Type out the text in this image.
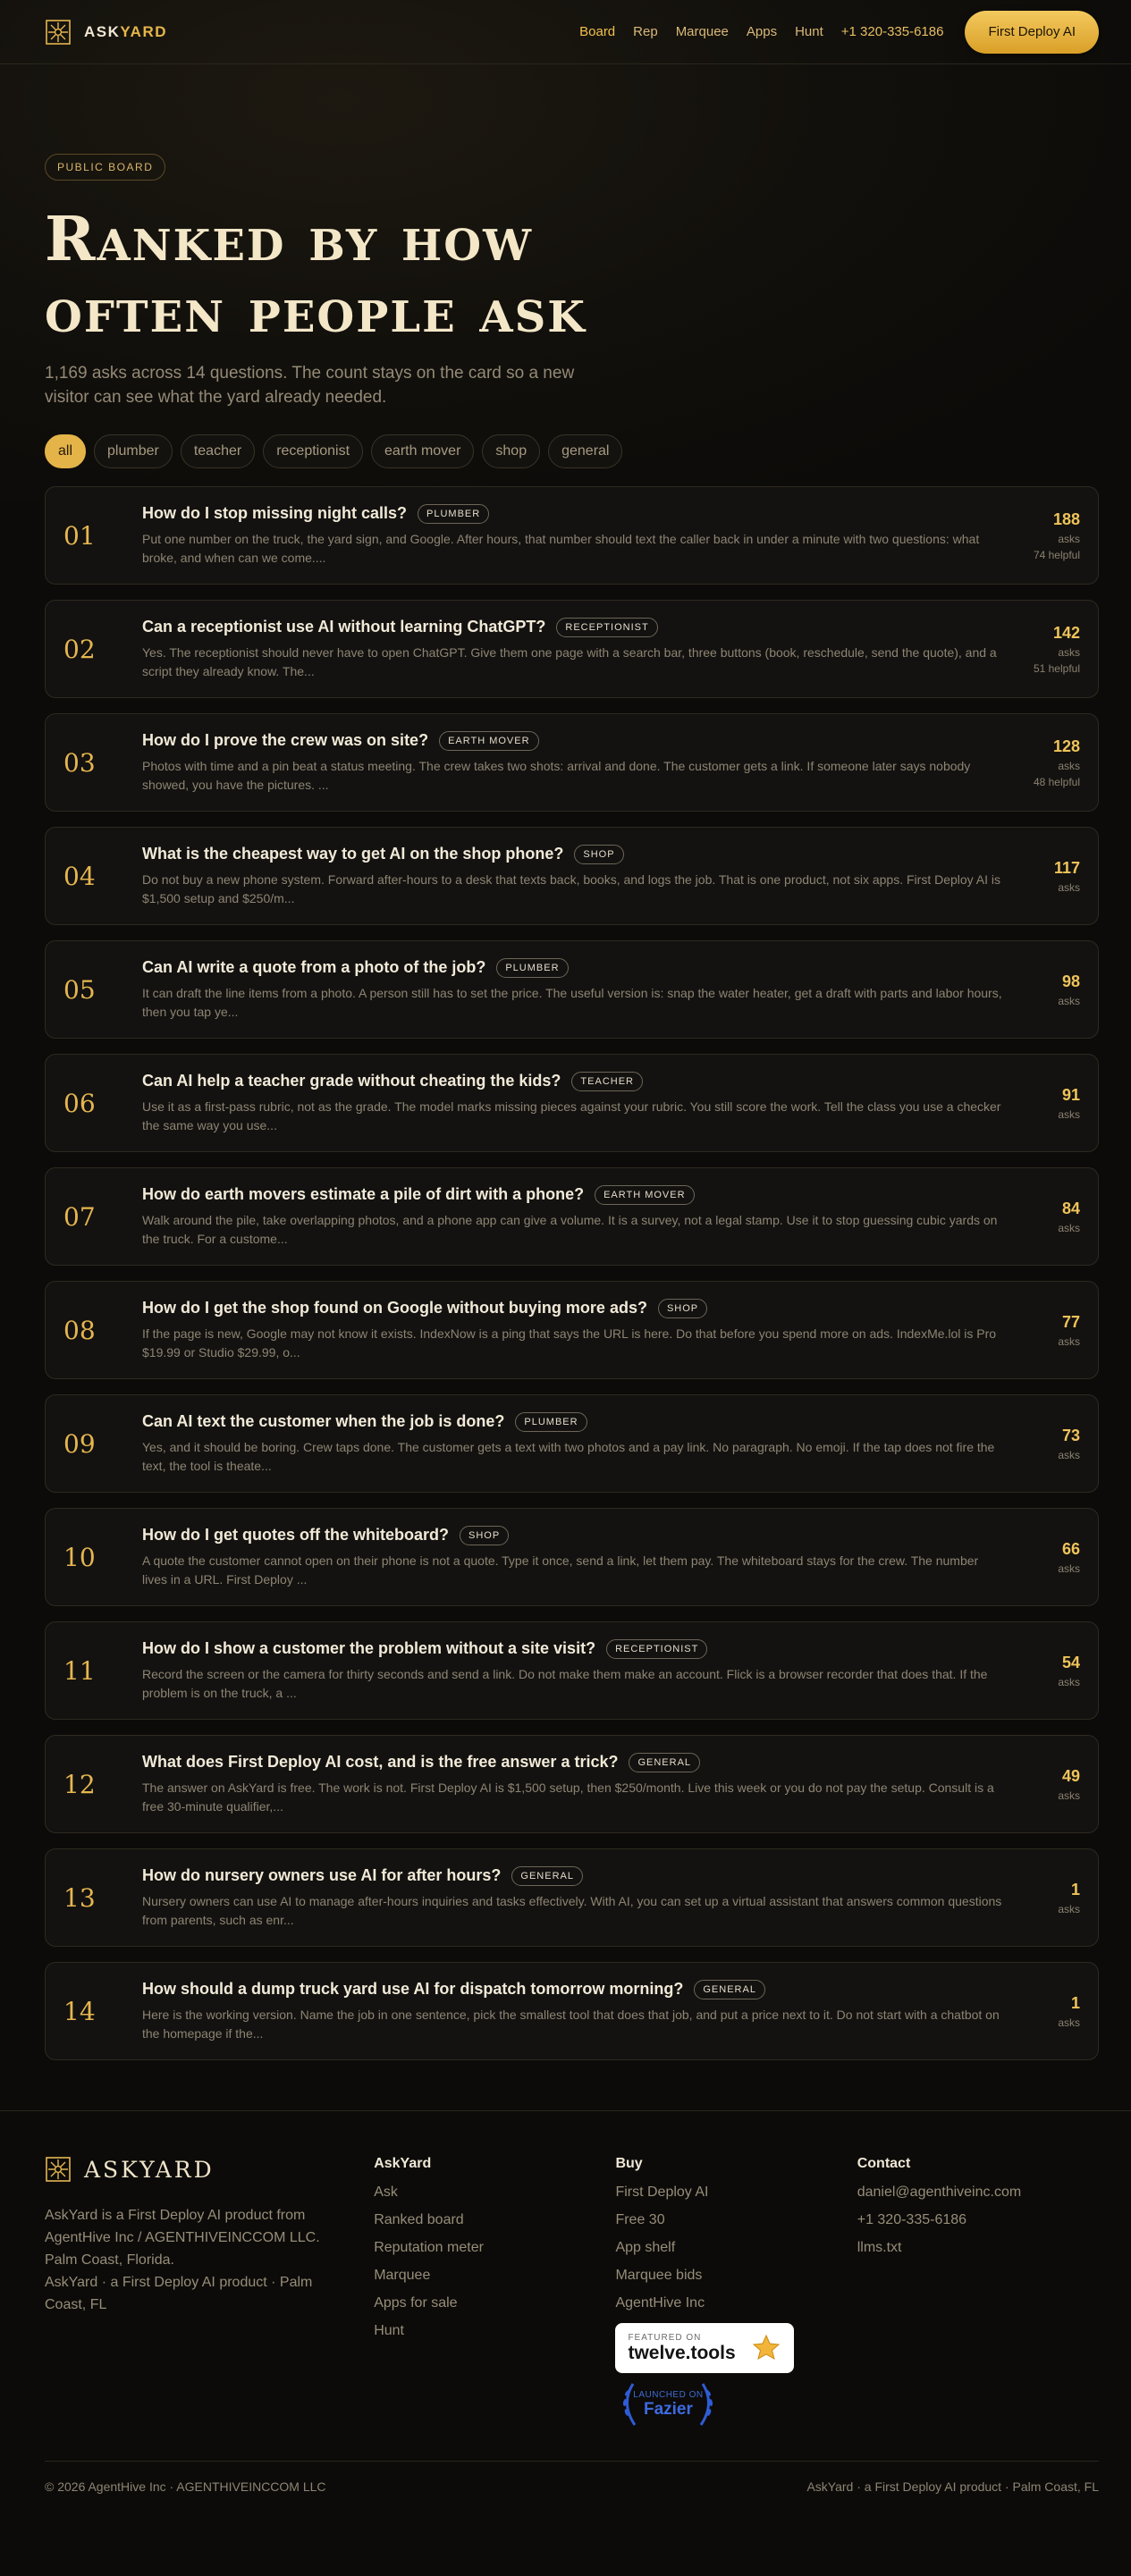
ASKYARD	Board Rep Marquee Apps Hunt +1 320-335-6186	First Deploy AI
PUBLIC BOARD
Ranked by how often people ask

1,169 asks across 14 questions. The count stays on the card so a new visitor can see what the yard already needed.

all	plumber	teacher	receptionist	earth mover	shop	general
01
How do I stop missing night calls?	PLUMBER
Put one number on the truck, the yard sign, and Google. After hours, that number should text the caller back in under a minute with two questions: what broke, and when can we come....
188
asks
74 helpful
02
Can a receptionist use AI without learning ChatGPT?	RECEPTIONIST
Yes. The receptionist should never have to open ChatGPT. Give them one page with a search bar, three buttons (book, reschedule, send the quote), and a script they already know. The...
142
asks
51 helpful
03
How do I prove the crew was on site?	EARTH MOVER
Photos with time and a pin beat a status meeting. The crew takes two shots: arrival and done. The customer gets a link. If someone later says nobody showed, you have the pictures. ...
128
asks
48 helpful
04
What is the cheapest way to get AI on the shop phone?	SHOP
Do not buy a new phone system. Forward after-hours to a desk that texts back, books, and logs the job. That is one product, not six apps. First Deploy AI is $1,500 setup and $250/m...
117
asks
05
Can AI write a quote from a photo of the job?	PLUMBER
It can draft the line items from a photo. A person still has to set the price. The useful version is: snap the water heater, get a draft with parts and labor hours, then you tap ye...
98
asks
06
Can AI help a teacher grade without cheating the kids?	TEACHER
Use it as a first-pass rubric, not as the grade. The model marks missing pieces against your rubric. You still score the work. Tell the class you use a checker the same way you use...
91
asks
07
How do earth movers estimate a pile of dirt with a phone?	EARTH MOVER
Walk around the pile, take overlapping photos, and a phone app can give a volume. It is a survey, not a legal stamp. Use it to stop guessing cubic yards on the truck. For a custome...
84
asks
08
How do I get the shop found on Google without buying more ads?	SHOP
If the page is new, Google may not know it exists. IndexNow is a ping that says the URL is here. Do that before you spend more on ads. IndexMe.lol is Pro $19.99 or Studio $29.99, o...
77
asks
09
Can AI text the customer when the job is done?	PLUMBER
Yes, and it should be boring. Crew taps done. The customer gets a text with two photos and a pay link. No paragraph. No emoji. If the tap does not fire the text, the tool is theate...
73
asks
10
How do I get quotes off the whiteboard?	SHOP
A quote the customer cannot open on their phone is not a quote. Type it once, send a link, let them pay. The whiteboard stays for the crew. The number lives in a URL. First Deploy ...
66
asks
11
How do I show a customer the problem without a site visit?	RECEPTIONIST
Record the screen or the camera for thirty seconds and send a link. Do not make them make an account. Flick is a browser recorder that does that. If the problem is on the truck, a ...
54
asks
12
What does First Deploy AI cost, and is the free answer a trick?	GENERAL
The answer on AskYard is free. The work is not. First Deploy AI is $1,500 setup, then $250/month. Live this week or you do not pay the setup. Consult is a free 30-minute qualifier,...
49
asks
13
How do nursery owners use AI for after hours?	GENERAL
Nursery owners can use AI to manage after-hours inquiries and tasks effectively. With AI, you can set up a virtual assistant that answers common questions from parents, such as enr...
1
asks
14
How should a dump truck yard use AI for dispatch tomorrow morning?	GENERAL
Here is the working version. Name the job in one sentence, pick the smallest tool that does that job, and put a price next to it. Do not start with a chatbot on the homepage if the...
1
asks
ASKYARD

AskYard is a First Deploy AI product from AgentHive Inc / AGENTHIVEINCCOM LLC. Palm Coast, Florida.
AskYard · a First Deploy AI product · Palm Coast, FL

AskYard
Ask
Ranked board
Reputation meter
Marquee
Apps for sale
Hunt
Buy
First Deploy AI
Free 30
App shelf
Marquee bids
AgentHive Inc
FEATURED ON
twelve.tools
LAUNCHED ON
Fazier
Contact
daniel@agenthiveinc.com
+1 320-335-6186
llms.txt
© 2026 AgentHive Inc · AGENTHIVEINCCOM LLC	AskYard · a First Deploy AI product · Palm Coast, FL
